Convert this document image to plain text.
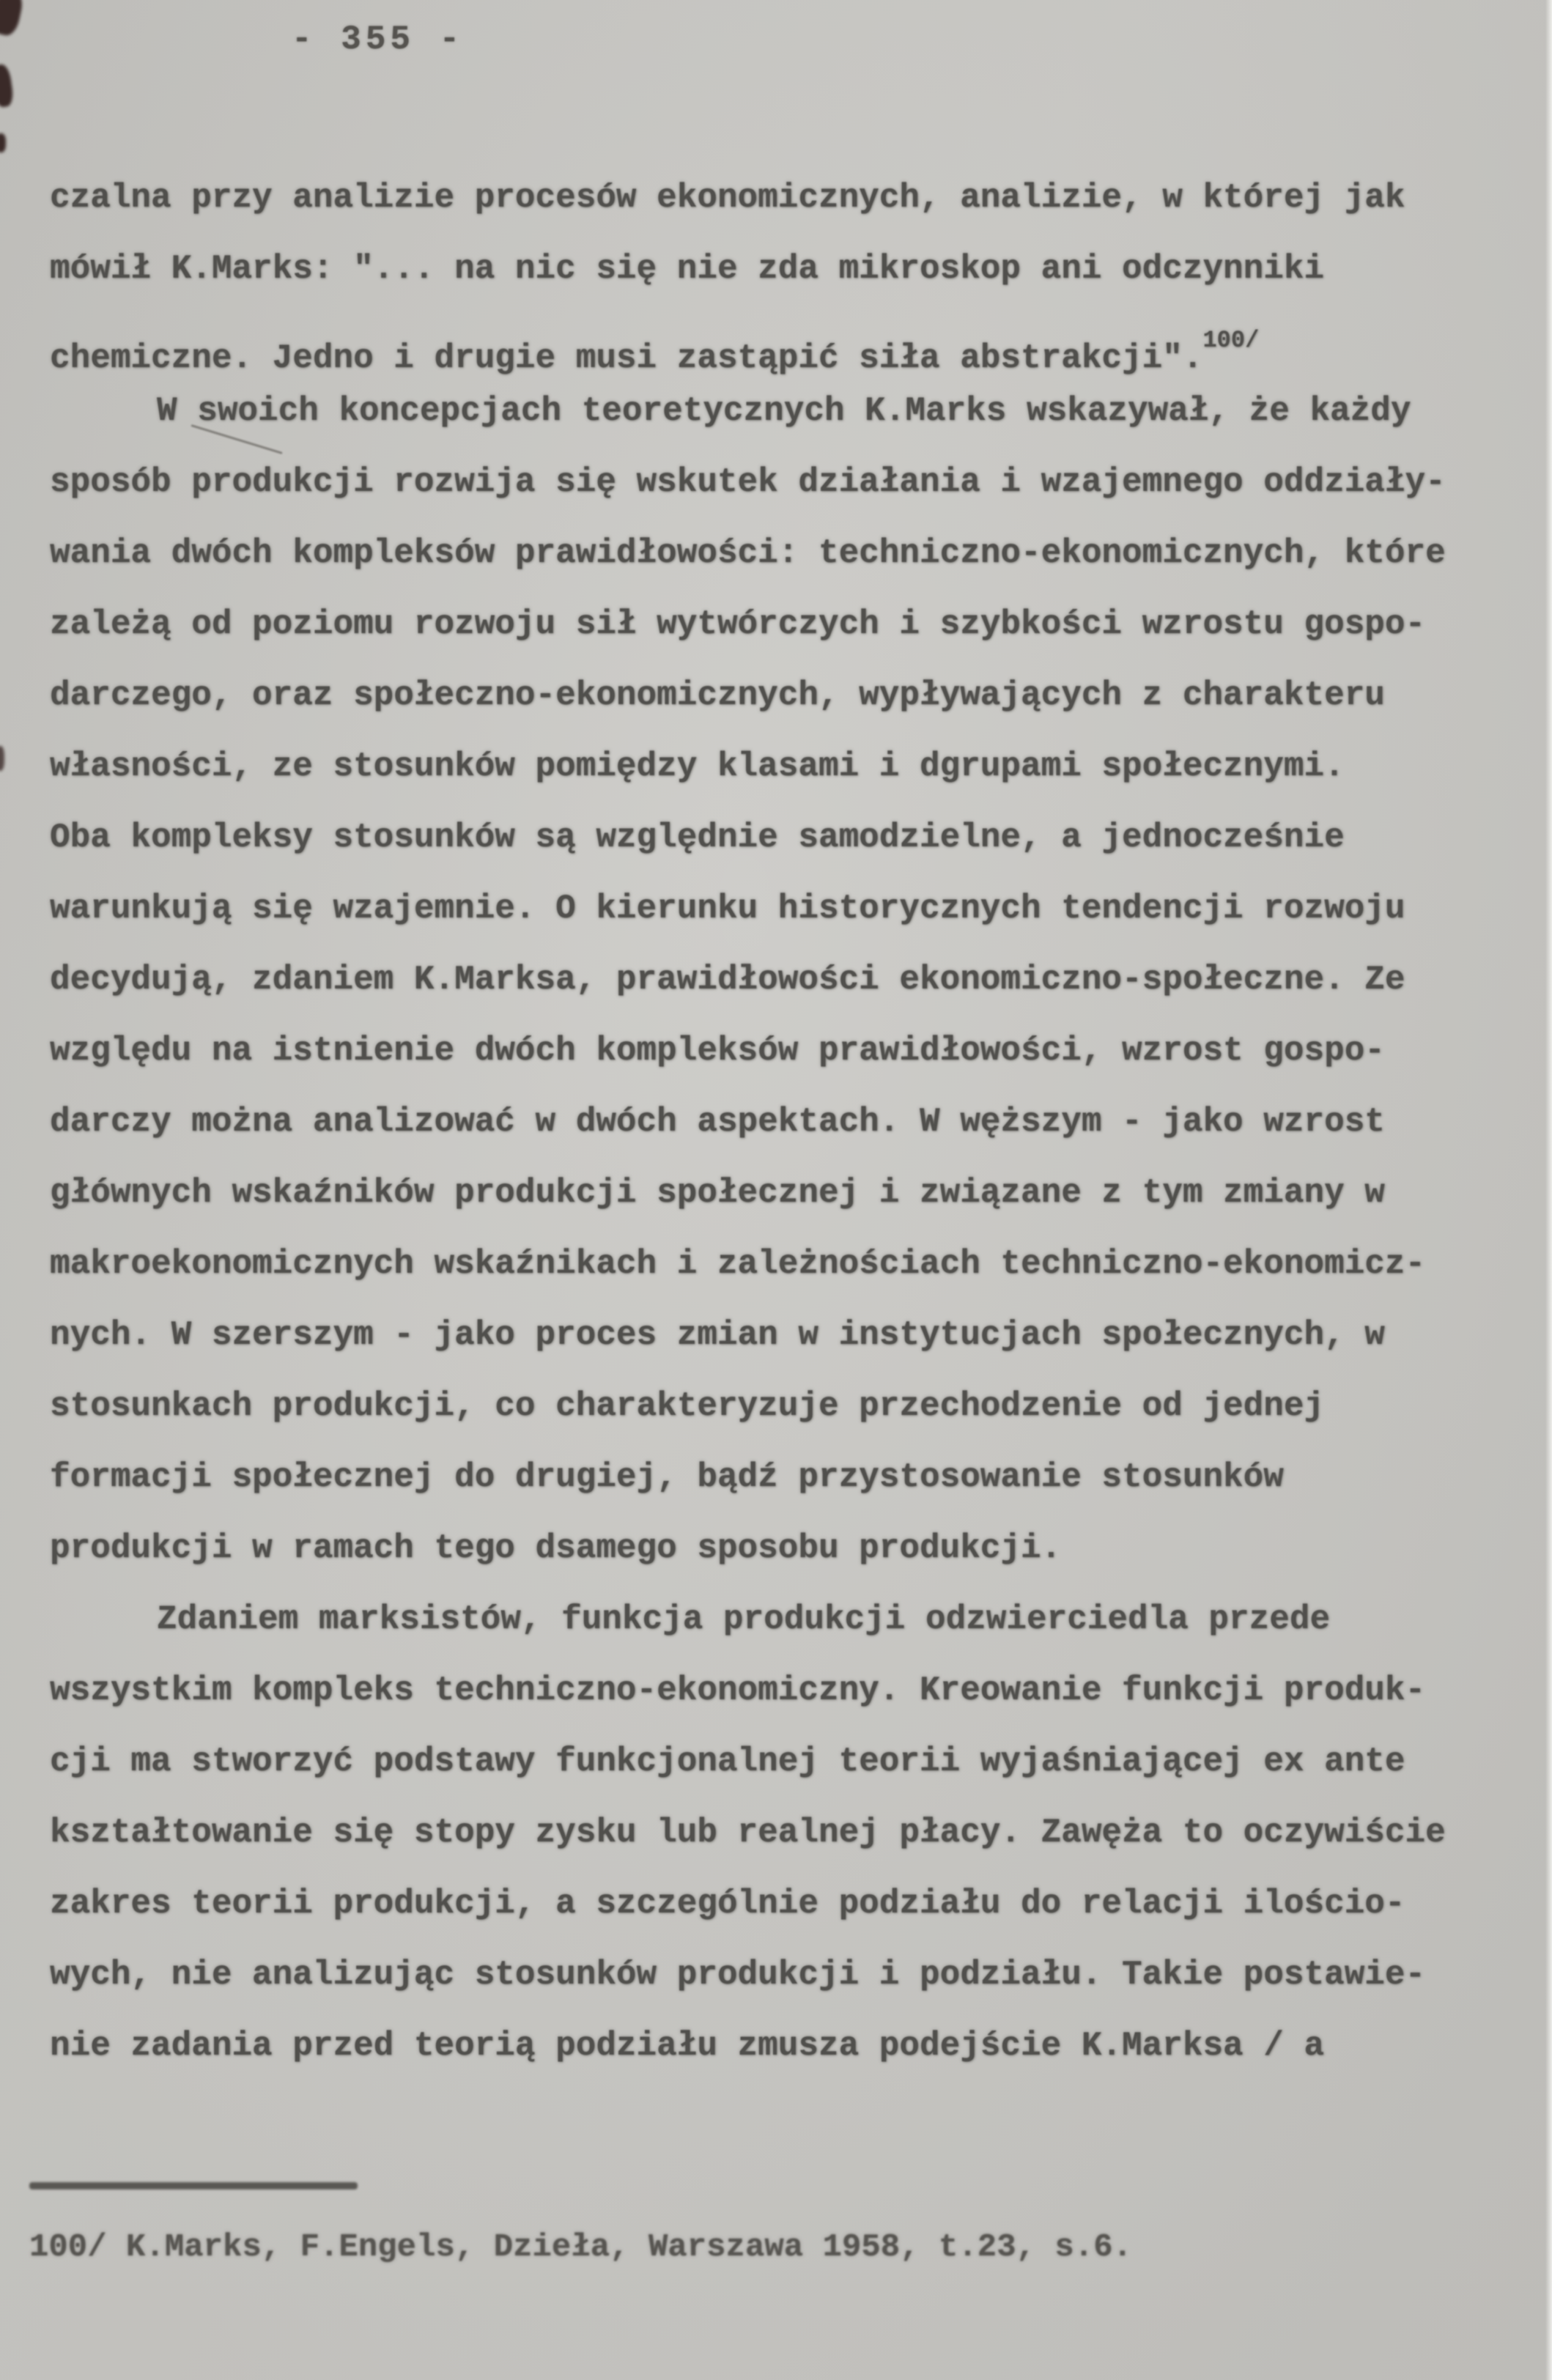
- 355 -
czalna przy analizie procesów ekonomicznych, analizie, w której jak
mówił K.Marks: "... na nic się nie zda mikroskop ani odczynniki
chemiczne. Jedno i drugie musi zastąpić siła abstrakcji".$^{100/}$
W swoich koncepcjach teoretycznych K.Marks wskazywał, że każdy
sposób produkcji rozwija się wskutek działania i wzajemnego oddziały-
wania dwóch kompleksów prawidłowości: techniczno-ekonomicznych, które
zależą od poziomu rozwoju sił wytwórczych i szybkości wzrostu gospo-
darczego, oraz społeczno-ekonomicznych, wypływających z charakteru
własności, ze stosunków pomiędzy klasami i dgrupami społecznymi.
Oba kompleksy stosunków są względnie samodzielne, a jednocześnie
warunkują się wzajemnie. O kierunku historycznych tendencji rozwoju
decydują, zdaniem K.Marksa, prawidłowości ekonomiczno-społeczne. Ze
względu na istnienie dwóch kompleksów prawidłowości, wzrost gospo-
darczy można analizować w dwóch aspektach. W węższym - jako wzrost
głównych wskaźników produkcji społecznej i związane z tym zmiany w
makroekonomicznych wskaźnikach i zależnościach techniczno-ekonomicz-
nych. W szerszym - jako proces zmian w instytucjach społecznych, w
stosunkach produkcji, co charakteryzuje przechodzenie od jednej
formacji społecznej do drugiej, bądź przystosowanie stosunków
produkcji w ramach tego dsamego sposobu produkcji.
Zdaniem marksistów, funkcja produkcji odzwierciedla przede
wszystkim kompleks techniczno-ekonomiczny. Kreowanie funkcji produk-
cji ma stworzyć podstawy funkcjonalnej teorii wyjaśniającej ex ante
kształtowanie się stopy zysku lub realnej płacy. Zawęża to oczywiście
zakres teorii produkcji, a szczególnie podziału do relacji ilościo-
wych, nie analizując stosunków produkcji i podziału. Takie postawie-
nie zadania przed teorią podziału zmusza podejście K.Marksa / a
100/ K.Marks, F.Engels, Dzieła, Warszawa 1958, t.23, s.6.
